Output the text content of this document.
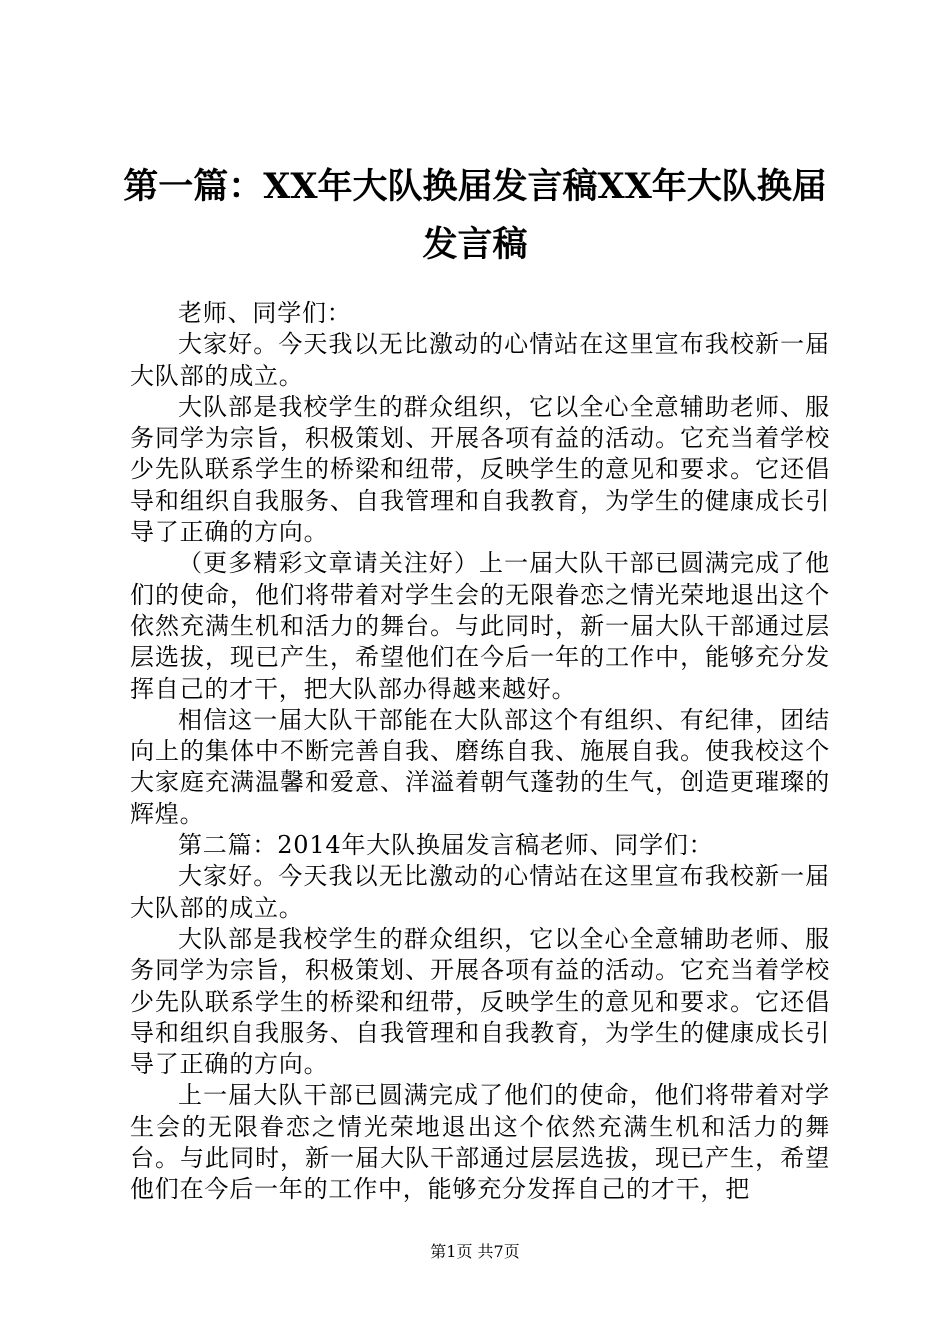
第一篇：XX年大队换届发言稿XX年大队换届发言稿

老师、同学们：

大家好。今天我以无比激动的心情站在这里宣布我校新一届大队部的成立。

大队部是我校学生的群众组织，它以全心全意辅助老师、服务同学为宗旨，积极策划、开展各项有益的活动。它充当着学校少先队联系学生的桥梁和纽带，反映学生的意见和要求。它还倡导和组织自我服务、自我管理和自我教育，为学生的健康成长引导了正确的方向。

（更多精彩文章请关注好）上一届大队干部已圆满完成了他们的使命，他们将带着对学生会的无限眷恋之情光荣地退出这个依然充满生机和活力的舞台。与此同时，新一届大队干部通过层层选拔，现已产生，希望他们在今后一年的工作中，能够充分发挥自己的才干，把大队部办得越来越好。

相信这一届大队干部能在大队部这个有组织、有纪律，团结向上的集体中不断完善自我、磨练自我、施展自我。使我校这个大家庭充满温馨和爱意、洋溢着朝气蓬勃的生气，创造更璀璨的辉煌。

第二篇：2014年大队换届发言稿老师、同学们：

大家好。今天我以无比激动的心情站在这里宣布我校新一届大队部的成立。

大队部是我校学生的群众组织，它以全心全意辅助老师、服务同学为宗旨，积极策划、开展各项有益的活动。它充当着学校少先队联系学生的桥梁和纽带，反映学生的意见和要求。它还倡导和组织自我服务、自我管理和自我教育，为学生的健康成长引导了正确的方向。

上一届大队干部已圆满完成了他们的使命，他们将带着对学生会的无限眷恋之情光荣地退出这个依然充满生机和活力的舞台。与此同时，新一届大队干部通过层层选拔，现已产生，希望他们在今后一年的工作中，能够充分发挥自己的才干，把

第1页 共7页
